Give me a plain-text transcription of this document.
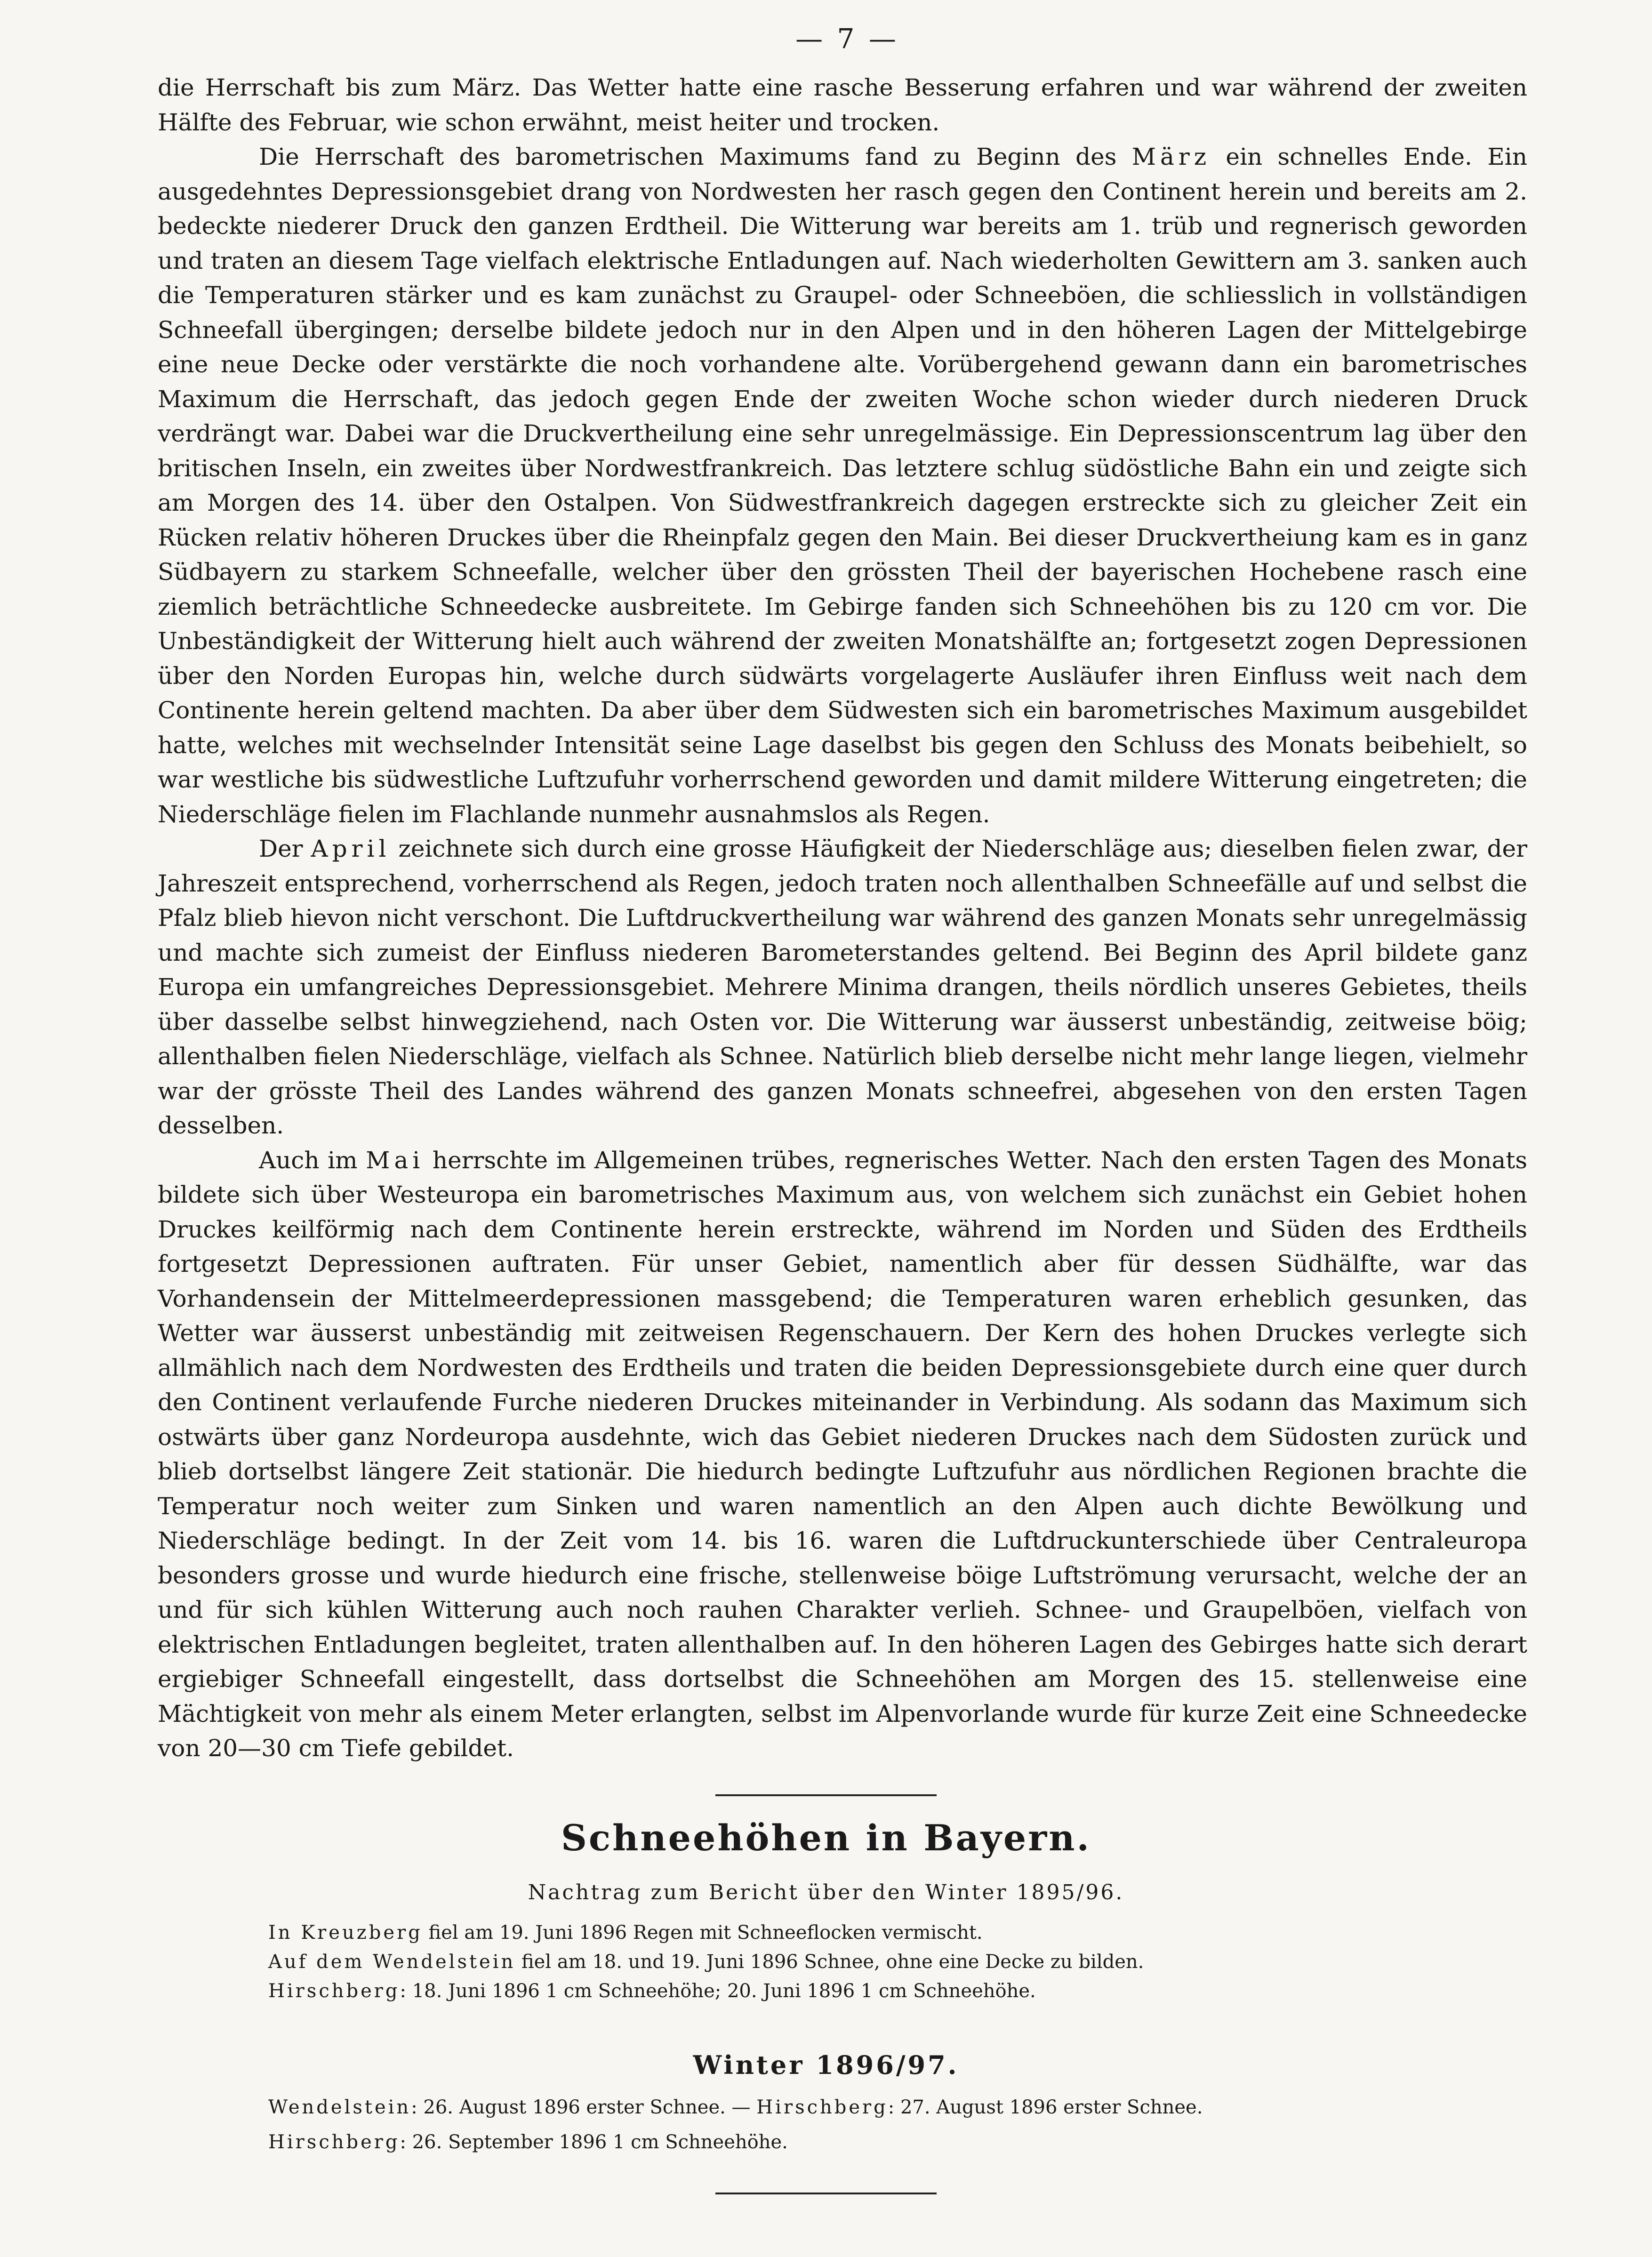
— 7 —

die Herrschaft bis zum März. Das Wetter hatte eine rasche Besserung erfahren und war während der zweiten Hälfte des Februar, wie schon erwähnt, meist heiter und trocken.

Die Herrschaft des barometrischen Maximums fand zu Beginn des März ein schnelles Ende. Ein ausgedehntes Depressionsgebiet drang von Nordwesten her rasch gegen den Continent herein und bereits am 2. bedeckte niederer Druck den ganzen Erdtheil. Die Witterung war bereits am 1. trüb und regnerisch geworden und traten an diesem Tage vielfach elektrische Entladungen auf. Nach wiederholten Gewittern am 3. sanken auch die Temperaturen stärker und es kam zunächst zu Graupel- oder Schneeböen, die schliesslich in vollständigen Schneefall übergingen; derselbe bildete jedoch nur in den Alpen und in den höheren Lagen der Mittelgebirge eine neue Decke oder verstärkte die noch vorhandene alte. Vorübergehend gewann dann ein barometrisches Maximum die Herrschaft, das jedoch gegen Ende der zweiten Woche schon wieder durch niederen Druck verdrängt war. Dabei war die Druckvertheilung eine sehr unregelmässige. Ein Depressionscentrum lag über den britischen Inseln, ein zweites über Nordwestfrankreich. Das letztere schlug südöstliche Bahn ein und zeigte sich am Morgen des 14. über den Ostalpen. Von Südwestfrankreich dagegen erstreckte sich zu gleicher Zeit ein Rücken relativ höheren Druckes über die Rheinpfalz gegen den Main. Bei dieser Druckvertheiung kam es in ganz Südbayern zu starkem Schneefalle, welcher über den grössten Theil der bayerischen Hochebene rasch eine ziemlich beträchtliche Schneedecke ausbreitete. Im Gebirge fanden sich Schneehöhen bis zu 120 cm vor. Die Unbeständigkeit der Witterung hielt auch während der zweiten Monatshälfte an; fortgesetzt zogen Depressionen über den Norden Europas hin, welche durch südwärts vorgelagerte Ausläufer ihren Einfluss weit nach dem Continente herein geltend machten. Da aber über dem Südwesten sich ein barometrisches Maximum ausgebildet hatte, welches mit wechselnder Intensität seine Lage daselbst bis gegen den Schluss des Monats beibehielt, so war westliche bis südwestliche Luftzufuhr vorherrschend geworden und damit mildere Witterung eingetreten; die Niederschläge fielen im Flachlande nunmehr ausnahmslos als Regen.

Der April zeichnete sich durch eine grosse Häufigkeit der Niederschläge aus; dieselben fielen zwar, der Jahreszeit entsprechend, vorherrschend als Regen, jedoch traten noch allenthalben Schneefälle auf und selbst die Pfalz blieb hievon nicht verschont. Die Luftdruckvertheilung war während des ganzen Monats sehr unregelmässig und machte sich zumeist der Einfluss niederen Barometerstandes geltend. Bei Beginn des April bildete ganz Europa ein umfangreiches Depressionsgebiet. Mehrere Minima drangen, theils nördlich unseres Gebietes, theils über dasselbe selbst hinwegziehend, nach Osten vor. Die Witterung war äusserst unbeständig, zeitweise böig; allenthalben fielen Niederschläge, vielfach als Schnee. Natürlich blieb derselbe nicht mehr lange liegen, vielmehr war der grösste Theil des Landes während des ganzen Monats schneefrei, abgesehen von den ersten Tagen desselben.

Auch im Mai herrschte im Allgemeinen trübes, regnerisches Wetter. Nach den ersten Tagen des Monats bildete sich über Westeuropa ein barometrisches Maximum aus, von welchem sich zunächst ein Gebiet hohen Druckes keilförmig nach dem Continente herein erstreckte, während im Norden und Süden des Erdtheils fortgesetzt Depressionen auftraten. Für unser Gebiet, namentlich aber für dessen Südhälfte, war das Vorhandensein der Mittelmeerdepressionen massgebend; die Temperaturen waren erheblich gesunken, das Wetter war äusserst unbeständig mit zeitweisen Regenschauern. Der Kern des hohen Druckes verlegte sich allmählich nach dem Nordwesten des Erdtheils und traten die beiden Depressionsgebiete durch eine quer durch den Continent verlaufende Furche niederen Druckes miteinander in Verbindung. Als sodann das Maximum sich ostwärts über ganz Nordeuropa ausdehnte, wich das Gebiet niederen Druckes nach dem Südosten zurück und blieb dortselbst längere Zeit stationär. Die hiedurch bedingte Luftzufuhr aus nördlichen Regionen brachte die Temperatur noch weiter zum Sinken und waren namentlich an den Alpen auch dichte Bewölkung und Niederschläge bedingt. In der Zeit vom 14. bis 16. waren die Luftdruckunterschiede über Centraleuropa besonders grosse und wurde hiedurch eine frische, stellenweise böige Luftströmung verursacht, welche der an und für sich kühlen Witterung auch noch rauhen Charakter verlieh. Schnee- und Graupelböen, vielfach von elektrischen Entladungen begleitet, traten allenthalben auf. In den höheren Lagen des Gebirges hatte sich derart ergiebiger Schneefall eingestellt, dass dortselbst die Schneehöhen am Morgen des 15. stellenweise eine Mächtigkeit von mehr als einem Meter erlangten, selbst im Alpenvorlande wurde für kurze Zeit eine Schneedecke von 20—30 cm Tiefe gebildet.

Schneehöhen in Bayern.
Nachtrag zum Bericht über den Winter 1895/96.
In Kreuzberg fiel am 19. Juni 1896 Regen mit Schneeflocken vermischt.
Auf dem Wendelstein fiel am 18. und 19. Juni 1896 Schnee, ohne eine Decke zu bilden.
Hirschberg: 18. Juni 1896 1 cm Schneehöhe; 20. Juni 1896 1 cm Schneehöhe.
Winter 1896/97.
Wendelstein: 26. August 1896 erster Schnee. — Hirschberg: 27. August 1896 erster Schnee.
Hirschberg: 26. September 1896 1 cm Schneehöhe.
